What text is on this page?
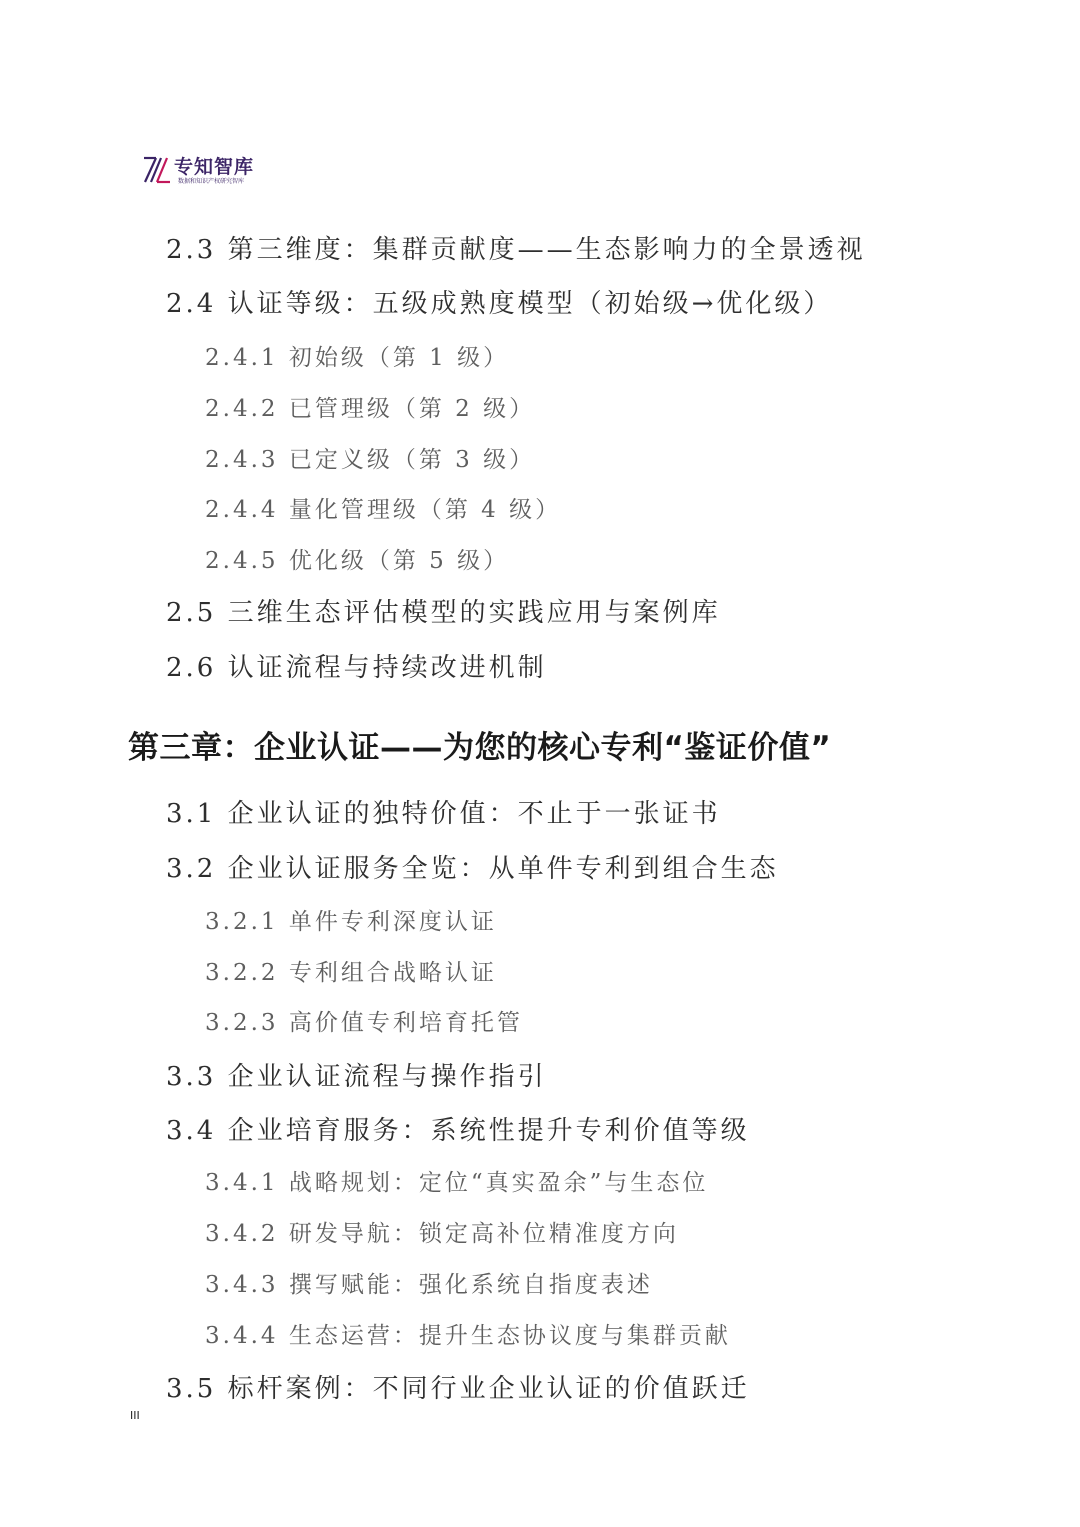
专知智库
数据和知识产权研究智库
2.3 第三维度：集群贡献度——生态影响力的全景透视
2.4 认证等级：五级成熟度模型（初始级→优化级）
2.4.1 初始级（第 1 级）
2.4.2 已管理级（第 2 级）
2.4.3 已定义级（第 3 级）
2.4.4 量化管理级（第 4 级）
2.4.5 优化级（第 5 级）
2.5 三维生态评估模型的实践应用与案例库
2.6 认证流程与持续改进机制
第三章：企业认证——为您的核心专利“鉴证价值”
3.1 企业认证的独特价值：不止于一张证书
3.2 企业认证服务全览：从单件专利到组合生态
3.2.1 单件专利深度认证
3.2.2 专利组合战略认证
3.2.3 高价值专利培育托管
3.3 企业认证流程与操作指引
3.4 企业培育服务：系统性提升专利价值等级
3.4.1 战略规划：定位“真实盈余”与生态位
3.4.2 研发导航：锁定高补位精准度方向
3.4.3 撰写赋能：强化系统自指度表述
3.4.4 生态运营：提升生态协议度与集群贡献
3.5 标杆案例：不同行业企业认证的价值跃迁
III
